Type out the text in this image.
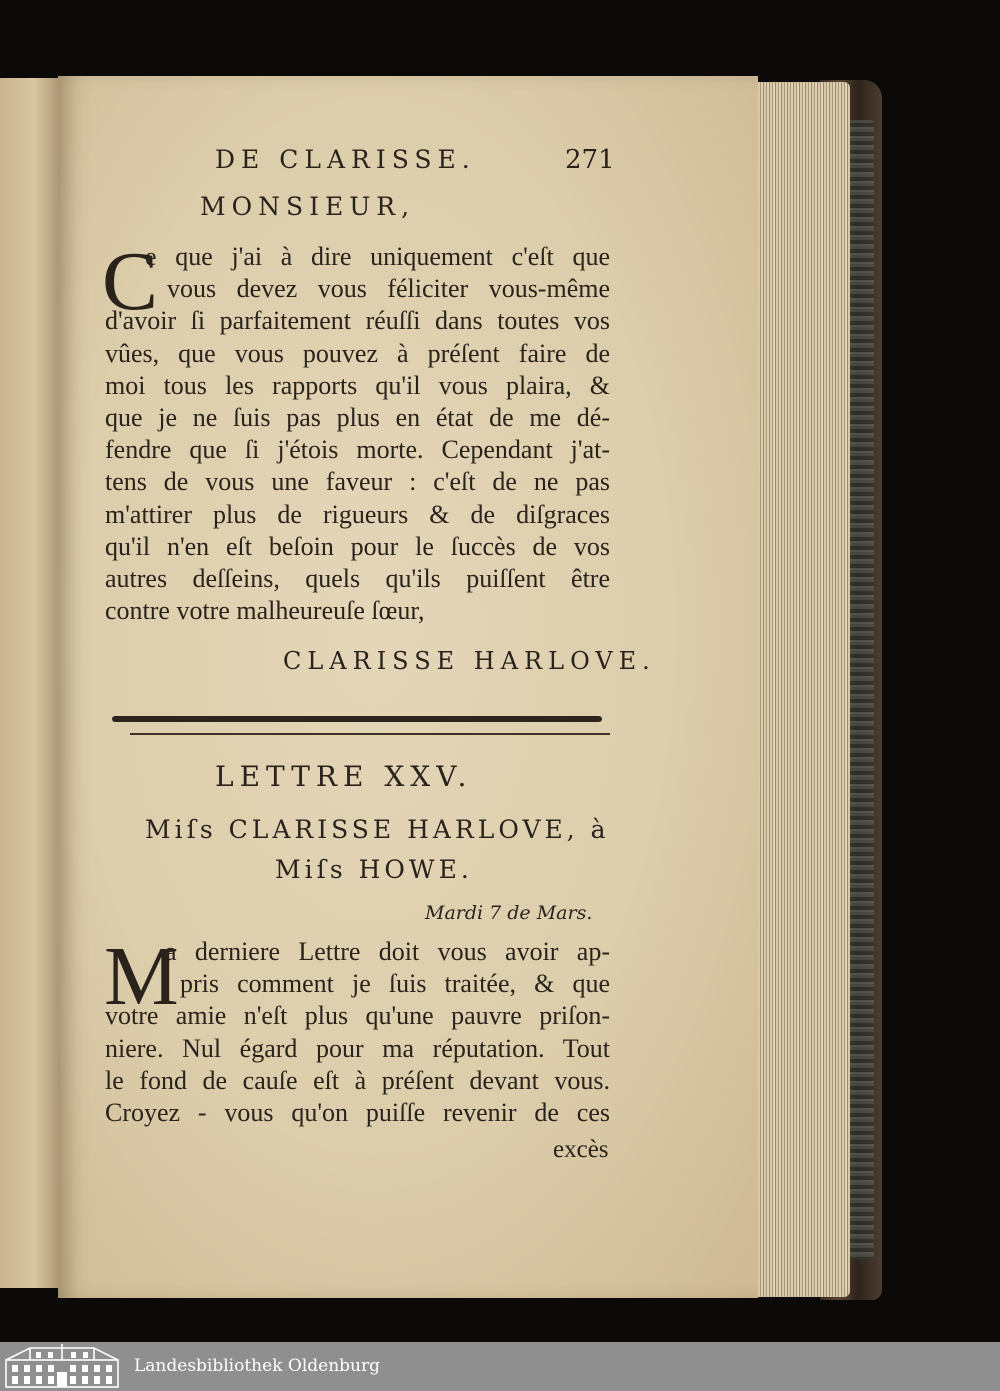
DE CLARISSE.	271
MONSIEUR,
C
e que j'ai à dire uniquement c'eſt que
vous devez vous féliciter vous-même
d'avoir ſi parfaitement réuſſi dans toutes vos
vûes, que vous pouvez à préſent faire de
moi tous les rapports qu'il vous plaira, &
que je ne ſuis pas plus en état de me dé-
fendre que ſi j'étois morte. Cependant j'at-
tens de vous une faveur : c'eſt de ne pas
m'attirer plus de rigueurs & de diſgraces
qu'il n'en eſt beſoin pour le ſuccès de vos
autres deſſeins, quels qu'ils puiſſent être
contre votre malheureuſe ſœur,
CLARISSE HARLOVE.
LETTRE XXV.
Miſs CLARISSE HARLOVE, à
Miſs HOWE.
Mardi 7 de Mars.
M
a derniere Lettre doit vous avoir ap-
pris comment je ſuis traitée, & que
votre amie n'eſt plus qu'une pauvre priſon-
niere. Nul égard pour ma réputation. Tout
le fond de cauſe eſt à préſent devant vous.
Croyez - vous qu'on puiſſe revenir de ces
excès
Landesbibliothek Oldenburg
